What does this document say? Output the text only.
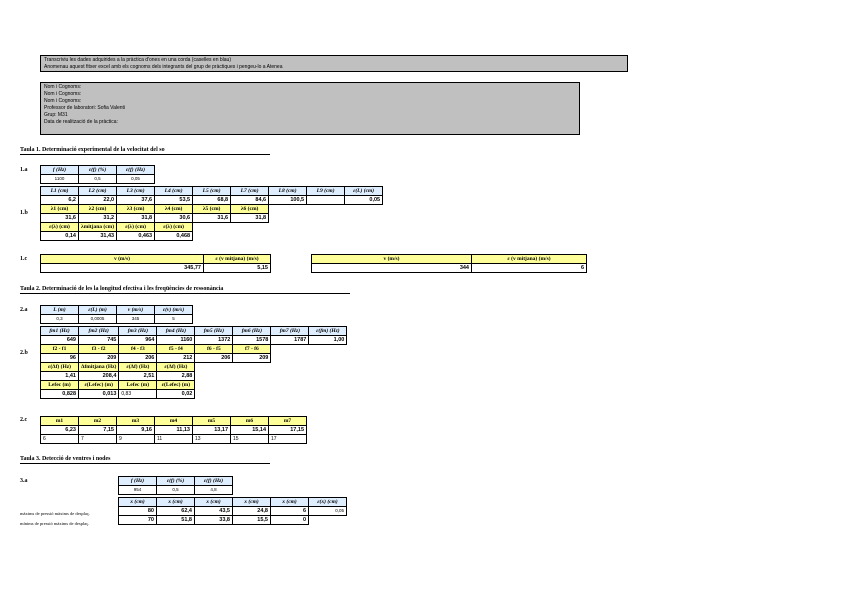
Transcriviu les dades adquirides a la pràctica d'ones en una corda (caselles en blau)
Anomenau aquest fitxer excel amb els cognoms dels integrants del grup de pràctiques i pengeu-lo a Atenea
Nom i Cognoms:
Nom i Cognoms:
Nom i Cognoms:
Professor de laboratori: Sofia Valenti
Grup: M31
Data de realització de la pràctica:
Taula 1. Determinació experimental de la velocitat del so
1.a
1.b
1.c
f (Hz)	ε(f) (%)	ε(f) (Hz)
1100	0,5	0,05
L1 (cm)	L2 (cm)	L3 (cm)	L4 (cm)	L5 (cm)	L7 (cm)	L8 (cm)	L9 (cm)	ε(L) (cm)
6,2	22,0	37,6	53,5	68,8	84,6	100,5		0,05
λ1 (cm)	λ2 (cm)	λ3 (cm)	λ4 (cm)	λ5 (cm)	λ6 (cm)			
31,6	31,2	31,8	30,6	31,6	31,8			
ε(λ) (cm)	λmitjana (cm)	ε(λ) (cm)	ε(λ) (cm)					
0,14	31,43	0,463	0,468					
v (m/s)	ε (v mitjana) (m/s)
345,77	5,15
v (m/s)	ε (v mitjana) (m/s)
344	6
Taula 2. Determinació de les la longitud efectiva i les freqüències de ressonància
2.a
2.b
2.c
L (m)	ε(L) (m)	v (m/s)	ε(v) (m/s)
0,3	0,0005	345	5
fm1 (Hz)	fm2 (Hz)	fm3 (Hz)	fm4 (Hz)	fm5 (Hz)	fm6 (Hz)	fm7 (Hz)	ε(fm) (Hz)
649	745	964	1160	1372	1578	1787	1,00
f2 - f1	f3 - f2	f4 - f3	f5 - f4	f6 - f5	f7 - f6		
96	209	206	212	206	209		
ε(Δf) (Hz)	Δfmitjana (Hz)	ε(Δf) (Hz)	ε(Δf) (Hz)				
1,41	208,4	2,51	2,88				
Lefec (m)	ε(Lefec) (m)	Lefec (m)	ε(Lefec) (m)				
0,828	0,013	0,83	0,02				
m1	m2	m3	m4	m5	m6	m7
6,23	7,15	9,16	11,13	13,17	15,14	17,15
6	7	9	11	13	15	17
Taula 3. Detecció de ventres i nodes
3.a
màxims de pressió màxims de desplaç.
mínims de pressió màxims de desplaç.
f (Hz)	ε(f) (%)	ε(f) (Hz)
954	0,5	4,8
x (cm)	x (cm)	x (cm)	x (cm)	x (cm)	ε(x) (cm)
80	62,4	43,5	24,8	6	0,05
70	51,8	33,8	15,5	0	
